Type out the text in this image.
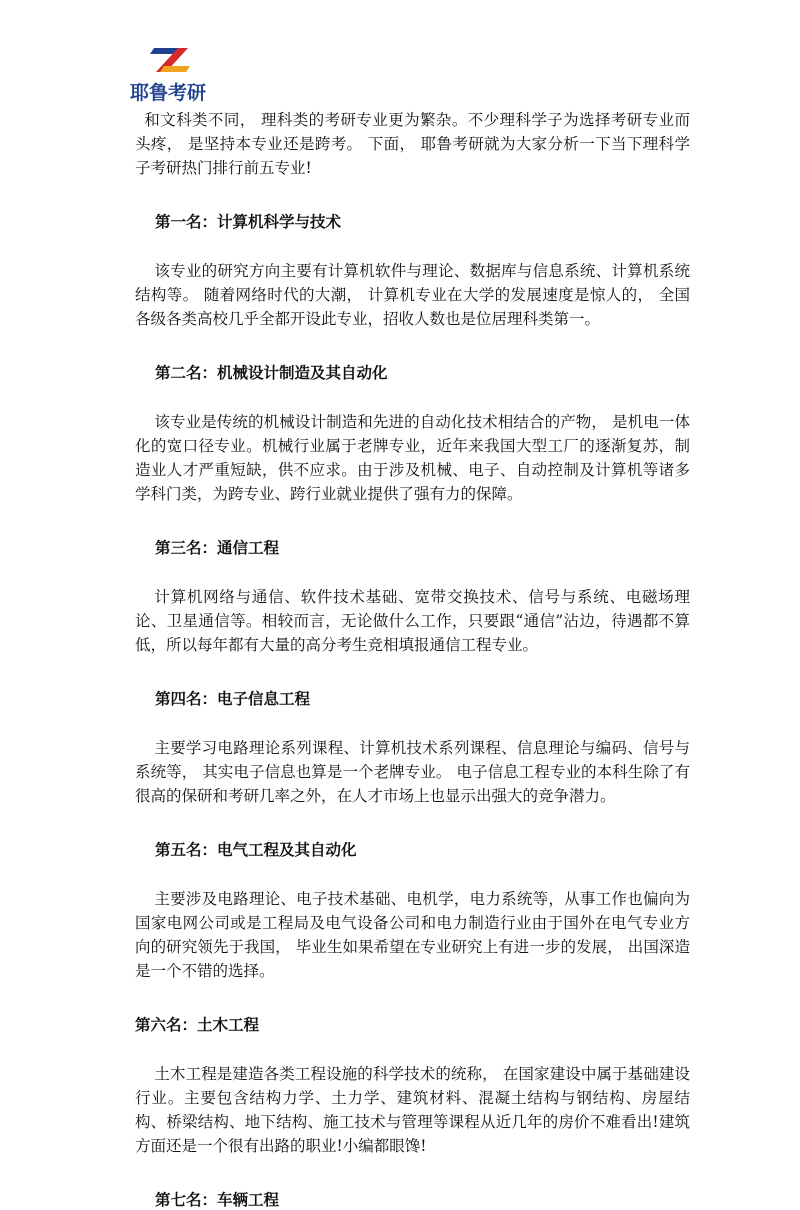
耶鲁考研

和文科类不同， 理科类的考研专业更为繁杂。不少理科学子为选择考研专业而头疼， 是坚持本专业还是跨考。 下面， 耶鲁考研就为大家分析一下当下理科学子考研热门排行前五专业!

第一名：计算机科学与技术

该专业的研究方向主要有计算机软件与理论、数据库与信息系统、计算机系统结构等。 随着网络时代的大潮， 计算机专业在大学的发展速度是惊人的， 全国各级各类高校几乎全都开设此专业，招收人数也是位居理科类第一。

第二名：机械设计制造及其自动化

该专业是传统的机械设计制造和先进的自动化技术相结合的产物， 是机电一体化的宽口径专业。机械行业属于老牌专业，近年来我国大型工厂的逐渐复苏，制造业人才严重短缺，供不应求。由于涉及机械、电子、自动控制及计算机等诸多学科门类，为跨专业、跨行业就业提供了强有力的保障。

第三名：通信工程

计算机网络与通信、软件技术基础、宽带交换技术、信号与系统、电磁场理论、卫星通信等。相较而言，无论做什么工作，只要跟“通信”沾边，待遇都不算低，所以每年都有大量的高分考生竞相填报通信工程专业。

第四名：电子信息工程

主要学习电路理论系列课程、计算机技术系列课程、信息理论与编码、信号与系统等， 其实电子信息也算是一个老牌专业。 电子信息工程专业的本科生除了有很高的保研和考研几率之外，在人才市场上也显示出强大的竞争潜力。

第五名：电气工程及其自动化

主要涉及电路理论、电子技术基础、电机学，电力系统等，从事工作也偏向为国家电网公司或是工程局及电气设备公司和电力制造行业由于国外在电气专业方向的研究领先于我国， 毕业生如果希望在专业研究上有进一步的发展， 出国深造是一个不错的选择。

第六名：土木工程

土木工程是建造各类工程设施的科学技术的统称， 在国家建设中属于基础建设行业。主要包含结构力学、土力学、建筑材料、混凝土结构与钢结构、房屋结构、桥梁结构、地下结构、施工技术与管理等课程从近几年的房价不难看出!建筑方面还是一个很有出路的职业!小编都眼馋!

第七名：车辆工程
